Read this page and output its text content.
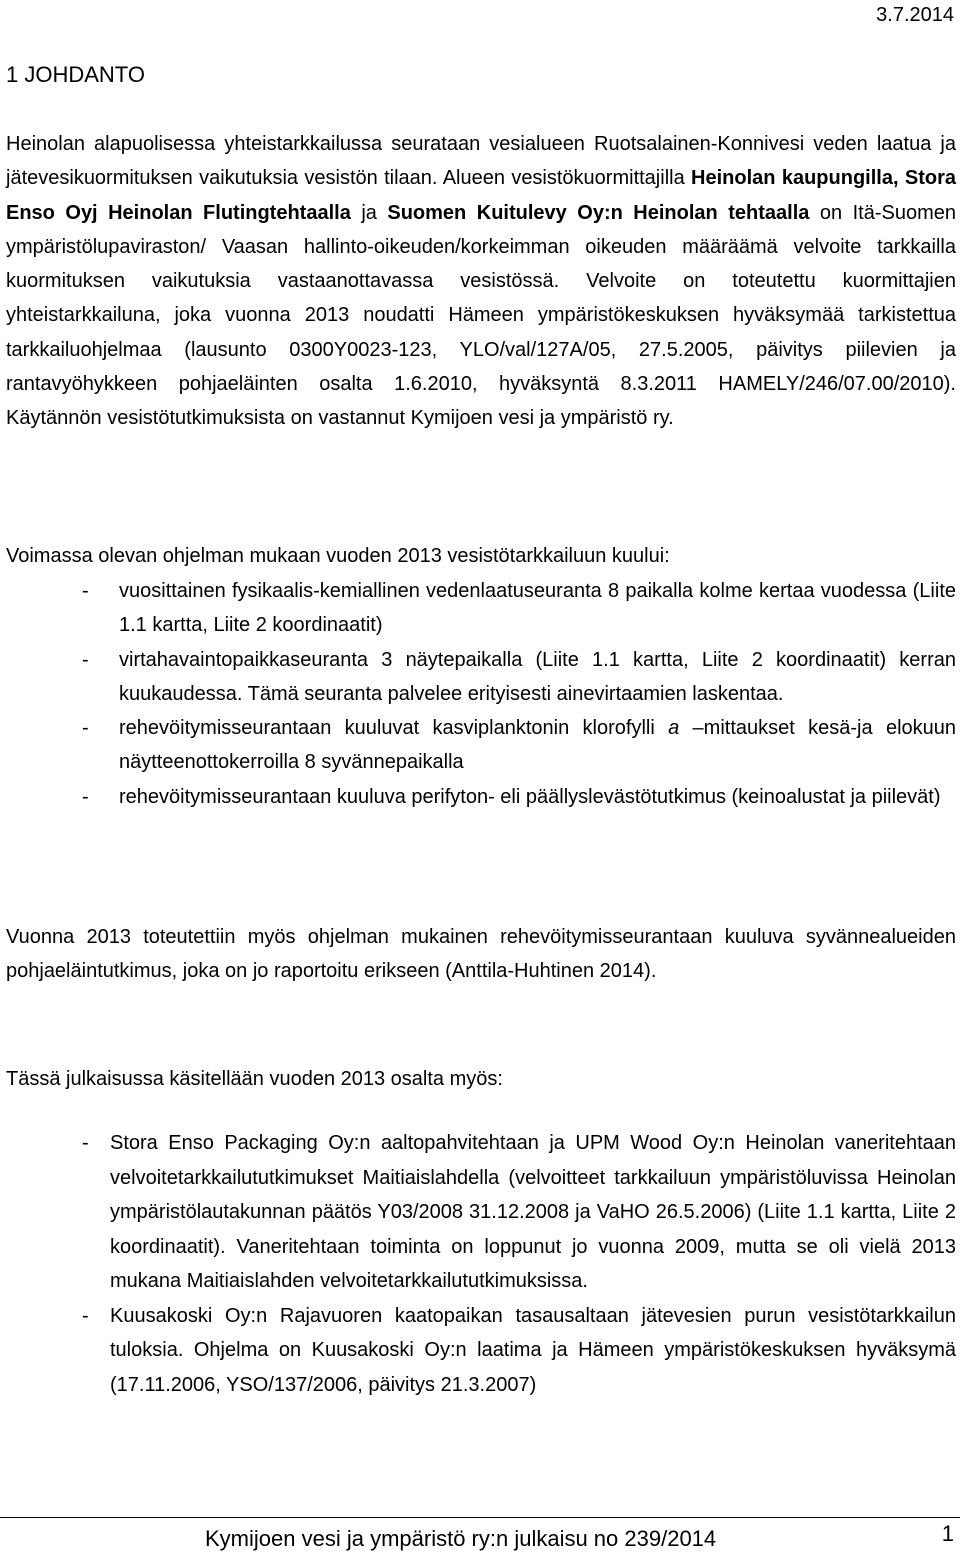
3.7.2014
1 JOHDANTO
Heinolan alapuolisessa yhteistarkkailussa seurataan vesialueen Ruotsalainen-Konnivesi veden laatua ja jätevesikuormituksen vaikutuksia vesistön tilaan. Alueen vesistökuormittajilla Heinolan kaupungilla, Stora Enso Oyj Heinolan Flutingtehtaalla ja Suomen Kuitulevy Oy:n Heinolan tehtaalla on Itä-Suomen ympäristölupaviraston/ Vaasan hallinto-oikeuden/korkeimman oikeuden määräämä velvoite tarkkailla kuormituksen vaikutuksia vastaanottavassa vesistössä. Velvoite on toteutettu kuormittajien yhteistarkkailuna, joka vuonna 2013 noudatti Hämeen ympäristökeskuksen hyväksymää tarkistettua tarkkailuohjelmaa (lausunto 0300Y0023-123, YLO/val/127A/05, 27.5.2005, päivitys piilevien ja rantavyöhykkeen pohjaeläinten osalta 1.6.2010, hyväksyntä 8.3.2011 HAMELY/246/07.00/2010). Käytännön vesistötutkimuksista on vastannut Kymijoen vesi ja ympäristö ry.
Voimassa olevan ohjelman mukaan vuoden 2013 vesistötarkkailuun kuului:
- vuosittainen fysikaalis-kemiallinen vedenlaatuseuranta 8 paikalla kolme kertaa vuodessa (Liite 1.1 kartta, Liite 2 koordinaatit)
- virtahavaintopaikkaseuranta 3 näytepaikalla (Liite 1.1 kartta, Liite 2 koordinaatit) kerran kuukaudessa. Tämä seuranta palvelee erityisesti ainevirtaamien laskentaa.
- rehevöitymisseurantaan kuuluvat kasviplanktonin klorofylli a –mittaukset kesä-ja elokuun näytteenottokerroilla 8 syvännepaikalla
- rehevöitymisseurantaan kuuluva perifyton- eli päällyslevästötutkimus (keinoalustat ja piilevät)
Vuonna 2013 toteutettiin myös ohjelman mukainen rehevöitymisseurantaan kuuluva syvännealueiden pohjaeläintutkimus, joka on jo raportoitu erikseen (Anttila-Huhtinen 2014).
Tässä julkaisussa käsitellään vuoden 2013 osalta myös:
- Stora Enso Packaging Oy:n aaltopahvitehtaan ja UPM Wood Oy:n Heinolan vaneritehtaan velvoitetarkkailututkimukset Maitiaislahdella (velvoitteet tarkkailuun ympäristöluvissa Heinolan ympäristölautakunnan päätös Y03/2008 31.12.2008 ja VaHO 26.5.2006) (Liite 1.1 kartta, Liite 2 koordinaatit). Vaneritehtaan toiminta on loppunut jo vuonna 2009, mutta se oli vielä 2013 mukana Maitiaislahden velvoitetarkkailututkimuksissa.
- Kuusakoski Oy:n Rajavuoren kaatopaikan tasausaltaan jätevesien purun vesistötarkkailun tuloksia. Ohjelma on Kuusakoski Oy:n laatima ja Hämeen ympäristökeskuksen hyväksymä (17.11.2006, YSO/137/2006, päivitys 21.3.2007)
Kymijoen vesi ja ympäristö ry:n julkaisu no 239/2014	1
